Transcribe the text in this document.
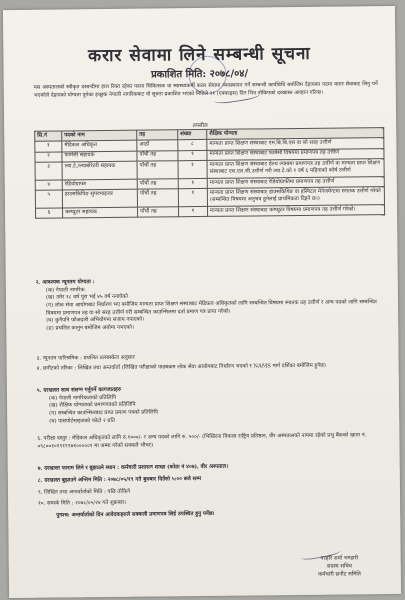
करार सेवामा लिने सम्बन्धी सूचना
प्रकाशित मिति: २०७८/०४/
यस अस्पतालको स्वीकृत दरबन्दीमा हाल रिक्त रहेका पदमा चिकित्सक वा स्वास्थ्यकर्मी करार सेवामा व्यवस्थापन गर्ने सम्बन्धी कार्यविधि बमोजिम देहायका पदमा करार सेवाबाट लिनु पर्ने भएकोले देहायको योग्यता पुगेका इच्छुक नेपाली नागरिकबाट यो सूचना प्रकाशित भएको मितिले २१ (एक्काइस) दिन भित्र तोकिएको दरखास्त आव्हान गरिन्छ।
तपसील
सि.नं	पदको नाम	तह	संख्या	शैक्षिक योग्यता
१	मेडिकल अधिकृत	आठौं	८	मान्यता प्राप्त शिक्षण संस्थाबाट एम.बि.बि.एस वा सो सरह उत्तीर्ण
२	फार्मेसी सहायक	पाँचौं तह	१	मान्यता प्राप्त शिक्षण संस्थाबाट फार्मेसी विषयमा प्रमाणपत्र तह उत्तीर्ण
३	ल्या.टे./ल्याबोरेटरी सहायक	पाँचौं तह	१	मान्यता प्राप्त शिक्षण संस्थाबाट हेल्थ ल्याबमा प्रमाणपत्र तह उत्तीर्ण वा मान्यता प्राप्त शिक्षण संस्थाबाट एस.एल.सी.उत्तीर्ण गरी ल्या.टे.को १ वर्ष ६ महिनाको कोर्ष उत्तीर्ण
४	रेडियोग्राफर	पाँचौं तह	१	मान्यता प्राप्त शिक्षण संस्थाबाट रेडियोग्राफीमा प्रमाणपत्र तह उत्तीर्ण
५	हाउसकिपिङ सुपरभाइजर	पाँचौं तह	१	मान्यता प्राप्त शिक्षण संस्थाबाट हाउसकिपिङ वा हस्पिटल मेनेजमेन्टमा स्नातक उत्तीर्ण गरेको (सम्बन्धित विषयमा अनुभव हुनेलाई प्राथमिकता दिइने छ।)
६	कम्प्युटर सहायक	पाँचौं तह	१	मान्यता प्राप्त शिक्षण संस्थाबाट कम्प्युटर विषयमा प्रमाणपत्र तह उत्तीर्ण गरेको।
२. आवश्यक न्यूनतम योग्यता :
(क) नेपाली नागरिक
(ख) उमेर १८ वर्ष पुरा भई ४५ वर्ष ननाघेको
(ग) लोक सेवा आयोगबाट निर्धारण भए बमोजिम मान्यता प्राप्त शिक्षण संस्थाबाट मेडिकल अधिकृतको लागि सम्बन्धित विषयमा स्नातक तह उत्तीर्ण र अन्य पदको लागि सम्बन्धित विषयमा प्रमाणपत्र तह वा सो सरह उत्तीर्ण गरी सम्बन्धित काउन्सिलमा दर्ता प्रमाण पत्र प्राप्त गरेको।
(घ) कुनैपनि फौजदारी अभियोगमा सजाय नपाएको।
(ङ) प्रचलित कानुन बमोजिम अयोग्य नभएको।
३. न्यूनतम पारिश्रमिक : प्रचलित तलबस्केल अनुसार
४. छनौटको तरिका : लिखित तथा अन्तर्वार्ता (लिखित परीक्षाको पाठ्यक्रम लोक सेवा आयोगबाट निर्धारण भएको र NAMS मार्ग दर्शिका बमोजिम हुनेछ)
५. दरखास्त साथ संलग्न गर्नुपर्ने कागजातहरु
(क) नेपाली नागरिकताको प्रतिलिपि
(ख) शैक्षिक योग्यताको प्रमाणपत्रको प्रतिलिपि
(ग) सम्बन्धित काउन्सिलबाट प्राप्त प्रमाण पत्रको प्रतिलिपि
(घ) पासपोर्टसाइजको फोटो २ प्रति
६. परीक्षा दस्तुर : मेडिकल अधिकृतको लागि रु.१०००/- र अन्य पदको लागि रु. ५००/- (भिखिरना विकास राष्ट्रिय प्रतिष्ठान, वीर अस्पतालको नाममा रहेको प्रभु बैंकको खाता नं. ०९८००१०१९१९९७१०००००१ मा जम्मा गरेको सक्कलै भौचर)
७. दरखास्त फाराम लिने र बुझाउने स्थान : कर्मचारी प्रशासन शाखा (कोठा नं ४०७), वीर अस्पताल।
८. दरखास्त बुझाउने अन्तिम मिति : २०७८/०५/१९ गते बुधबार दिउँसो ५:०० बजे सम्म
९. लिखित तथा अन्तर्वार्ताको मिति : पछि तोकिने
१०. सम्पर्क मिति : २०७८/०५/२४ गते शुक्रबार।
पुनश्च: अन्तर्वार्ताको दिन आवेदकहरुले सक्कली प्रमाणपत्र लिई उपस्थित हुनु पर्नेछ।
नरहरि शर्मा भण्डारी
सदस्य सचिव
कर्मचारी छनौट समिति
